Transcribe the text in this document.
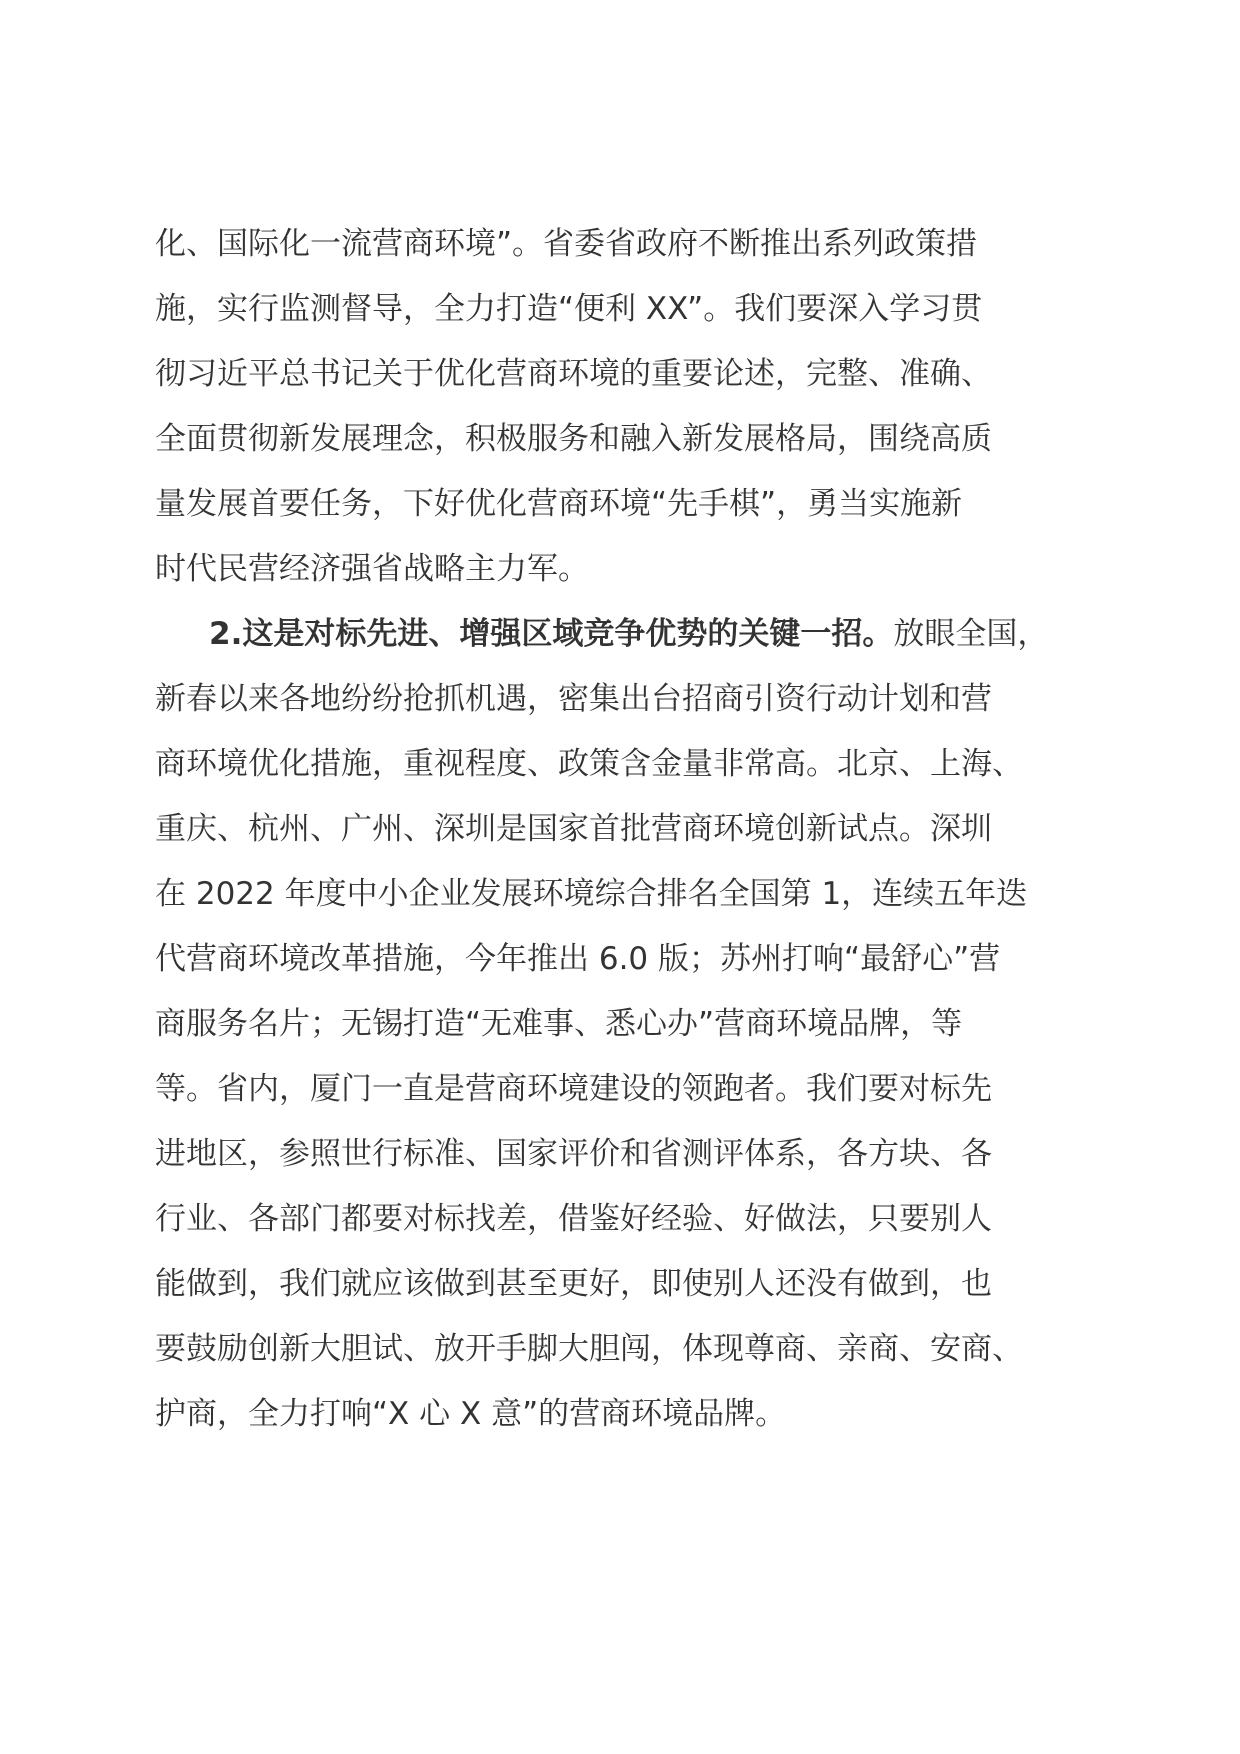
化、国际化一流营商环境”。省委省政府不断推出系列政策措
施，实行监测督导，全力打造“便利 XX”。我们要深入学习贯
彻习近平总书记关于优化营商环境的重要论述，完整、准确、
全面贯彻新发展理念，积极服务和融入新发展格局，围绕高质
量发展首要任务，下好优化营商环境“先手棋”，勇当实施新
时代民营经济强省战略主力军。
2.这是对标先进、增强区域竞争优势的关键一招。放眼全国，
新春以来各地纷纷抢抓机遇，密集出台招商引资行动计划和营
商环境优化措施，重视程度、政策含金量非常高。北京、上海、
重庆、杭州、广州、深圳是国家首批营商环境创新试点。深圳
在 2022 年度中小企业发展环境综合排名全国第 1，连续五年迭
代营商环境改革措施，今年推出 6.0 版；苏州打响“最舒心”营
商服务名片；无锡打造“无难事、悉心办”营商环境品牌，等
等。省内，厦门一直是营商环境建设的领跑者。我们要对标先
进地区，参照世行标准、国家评价和省测评体系，各方块、各
行业、各部门都要对标找差，借鉴好经验、好做法，只要别人
能做到，我们就应该做到甚至更好，即使别人还没有做到，也
要鼓励创新大胆试、放开手脚大胆闯，体现尊商、亲商、安商、
护商，全力打响“X 心 X 意”的营商环境品牌。
